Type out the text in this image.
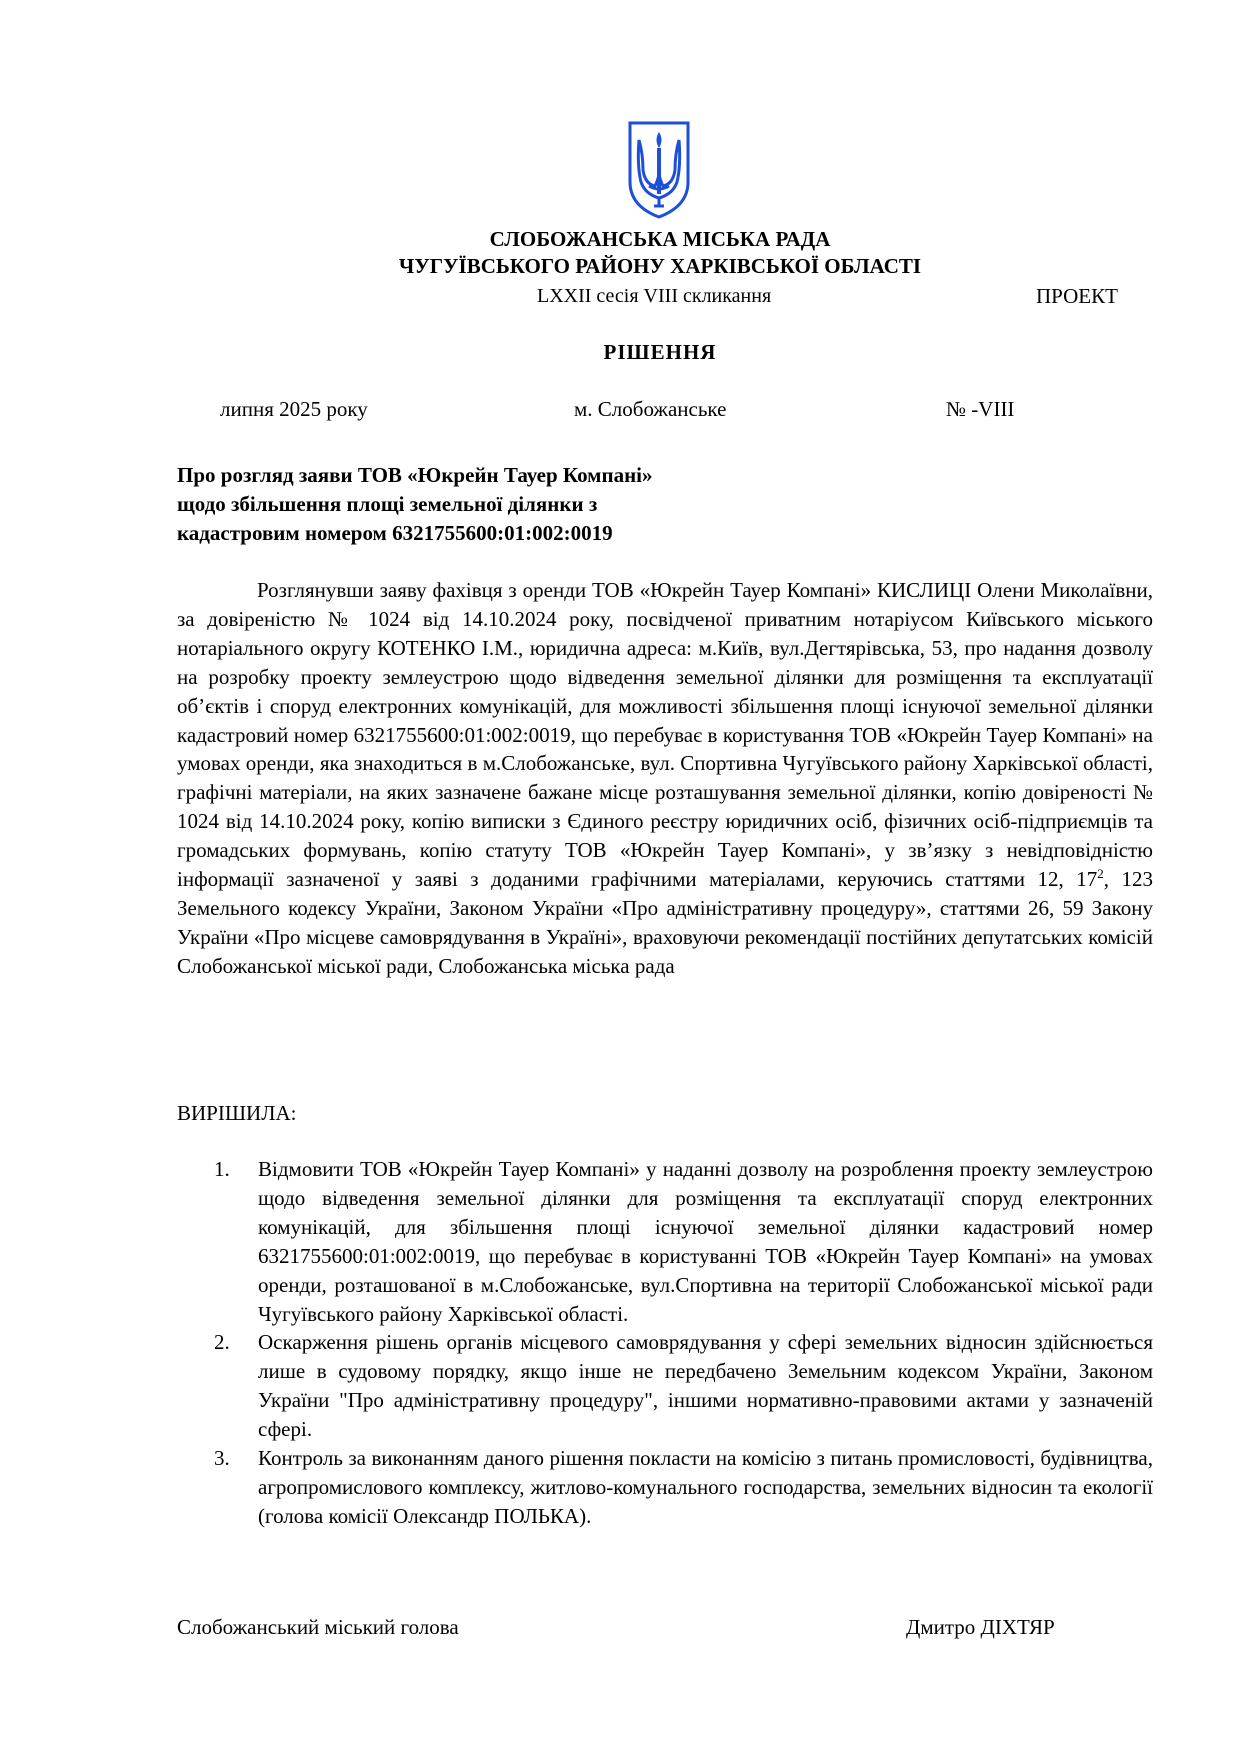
СЛОБОЖАНСЬКА МІСЬКА РАДА
ЧУГУЇВСЬКОГО РАЙОНУ ХАРКІВСЬКОЇ ОБЛАСТІ
LXXII сесія VIII скликання	ПРОЕКТ
РІШЕННЯ
липня 2025 року	м. Слобожанське	№ -VIII
Про розгляд заяви ТОВ «Юкрейн Тауер Компані»
щодо збільшення площі земельної ділянки з
кадастровим номером 6321755600:01:002:0019

Розглянувши заяву фахівця з оренди ТОВ «Юкрейн Тауер Компані» КИСЛИЦІ Олени Миколаївни, за довіреністю № 1024 від 14.10.2024 року, посвідченої приватним нотаріусом Київського міського нотаріального округу КОТЕНКО І.М., юридична адреса: м.Київ, вул.Дегтярівська, 53, про надання дозволу на розробку проекту землеустрою щодо відведення земельної ділянки для розміщення та експлуатації об’єктів і споруд електронних комунікацій, для можливості збільшення площі існуючої земельної ділянки кадастровий номер 6321755600:01:002:0019, що перебуває в користування ТОВ «Юкрейн Тауер Компані» на умовах оренди, яка знаходиться в м.Слобожанське, вул. Спортивна Чугуївського району Харківської області, графічні матеріали, на яких зазначене бажане місце розташування земельної ділянки, копію довіреності № 1024 від 14.10.2024 року, копію виписки з Єдиного реєстру юридичних осіб, фізичних осіб-підприємців та громадських формувань, копію статуту ТОВ «Юкрейн Тауер Компані», у зв’язку з невідповідністю інформації зазначеної у заяві з доданими графічними матеріалами, керуючись статтями 12, $17^2$, 123 Земельного кодексу України, Законом України «Про адміністративну процедуру», статтями 26, 59 Закону України «Про місцеве самоврядування в Україні», враховуючи рекомендації постійних депутатських комісій Слобожанської міської ради, Слобожанська міська рада

ВИРІШИЛА:
1. Відмовити ТОВ «Юкрейн Тауер Компані» у наданні дозволу на розроблення проекту землеустрою щодо відведення земельної ділянки для розміщення та експлуатації споруд електронних комунікацій, для збільшення площі існуючої земельної ділянки кадастровий номер 6321755600:01:002:0019, що перебуває в користуванні ТОВ «Юкрейн Тауер Компані» на умовах оренди, розташованої в м.Слобожанське, вул.Спортивна на території Слобожанської міської ради Чугуївського району Харківської області.
2. Оскарження рішень органів місцевого самоврядування у сфері земельних відносин здійснюється лише в судовому порядку, якщо інше не передбачено Земельним кодексом України, Законом України "Про адміністративну процедуру", іншими нормативно-правовими актами у зазначеній сфері.
3. Контроль за виконанням даного рішення покласти на комісію з питань промисловості, будівництва, агропромислового комплексу, житлово-комунального господарства, земельних відносин та екології (голова комісії Олександр ПОЛЬКА).
Слобожанський міський голова	Дмитро ДІХТЯР
